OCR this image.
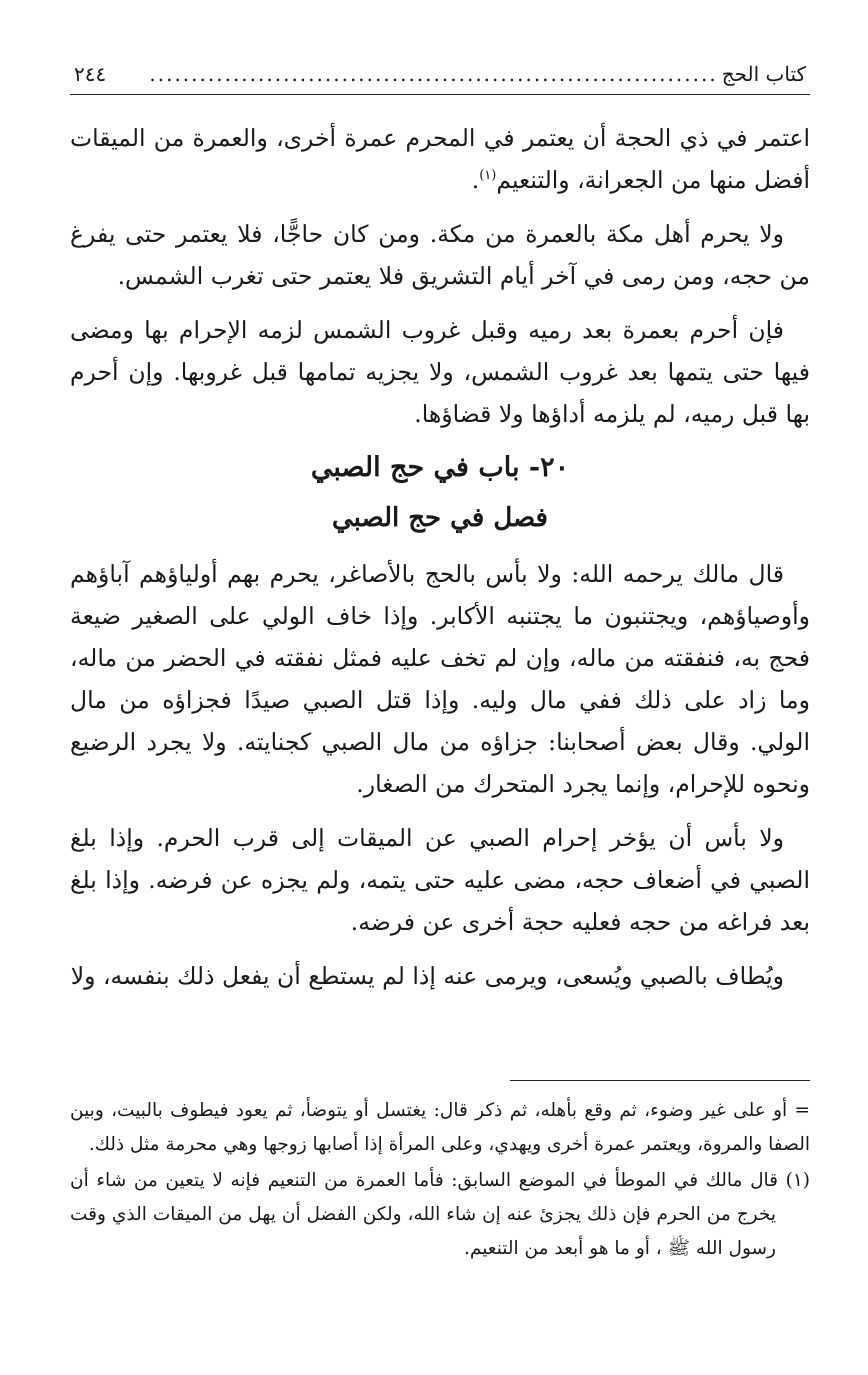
كتاب الحج
....................................................................
٢٤٤

اعتمر في ذي الحجة أن يعتمر في المحرم عمرة أخرى، والعمرة من الميقات أفضل منها من الجعرانة، والتنعيم$^{(١)}$.

ولا يحرم أهل مكة بالعمرة من مكة. ومن كان حاجًّا، فلا يعتمر حتى يفرغ من حجه، ومن رمى في آخر أيام التشريق فلا يعتمر حتى تغرب الشمس.

فإن أحرم بعمرة بعد رميه وقبل غروب الشمس لزمه الإحرام بها ومضى فيها حتى يتمها بعد غروب الشمس، ولا يجزيه تمامها قبل غروبها. وإن أحرم بها قبل رميه، لم يلزمه أداؤها ولا قضاؤها.

٢٠- باب في حج الصبي
فصل في حج الصبي

قال مالك يرحمه الله: ولا بأس بالحج بالأصاغر، يحرم بهم أولياؤهم آباؤهم وأوصياؤهم، ويجتنبون ما يجتنبه الأكابر. وإذا خاف الولي على الصغير ضيعة فحج به، فنفقته من ماله، وإن لم تخف عليه فمثل نفقته في الحضر من ماله، وما زاد على ذلك ففي مال وليه. وإذا قتل الصبي صيدًا فجزاؤه من مال الولي. وقال بعض أصحابنا: جزاؤه من مال الصبي كجنايته. ولا يجرد الرضيع ونحوه للإحرام، وإنما يجرد المتحرك من الصغار.

ولا بأس أن يؤخر إحرام الصبي عن الميقات إلى قرب الحرم. وإذا بلغ الصبي في أضعاف حجه، مضى عليه حتى يتمه، ولم يجزه عن فرضه. وإذا بلغ بعد فراغه من حجه فعليه حجة أخرى عن فرضه.

ويُطاف بالصبي ويُسعى، ويرمى عنه إذا لم يستطع أن يفعل ذلك بنفسه، ولا

= أو على غير وضوء، ثم وقع بأهله، ثم ذكر قال: يغتسل أو يتوضأ، ثم يعود فيطوف بالبيت، وبين الصفا والمروة، ويعتمر عمرة أخرى ويهدي، وعلى المرأة إذا أصابها زوجها وهي محرمة مثل ذلك.

(١) قال مالك في الموطأ في الموضع السابق: فأما العمرة من التنعيم فإنه لا يتعين من شاء أن يخرج من الحرم فإن ذلك يجزئ عنه إن شاء الله، ولكن الفضل أن يهل من الميقات الذي وقت رسول الله ﷺ ، أو ما هو أبعد من التنعيم.
